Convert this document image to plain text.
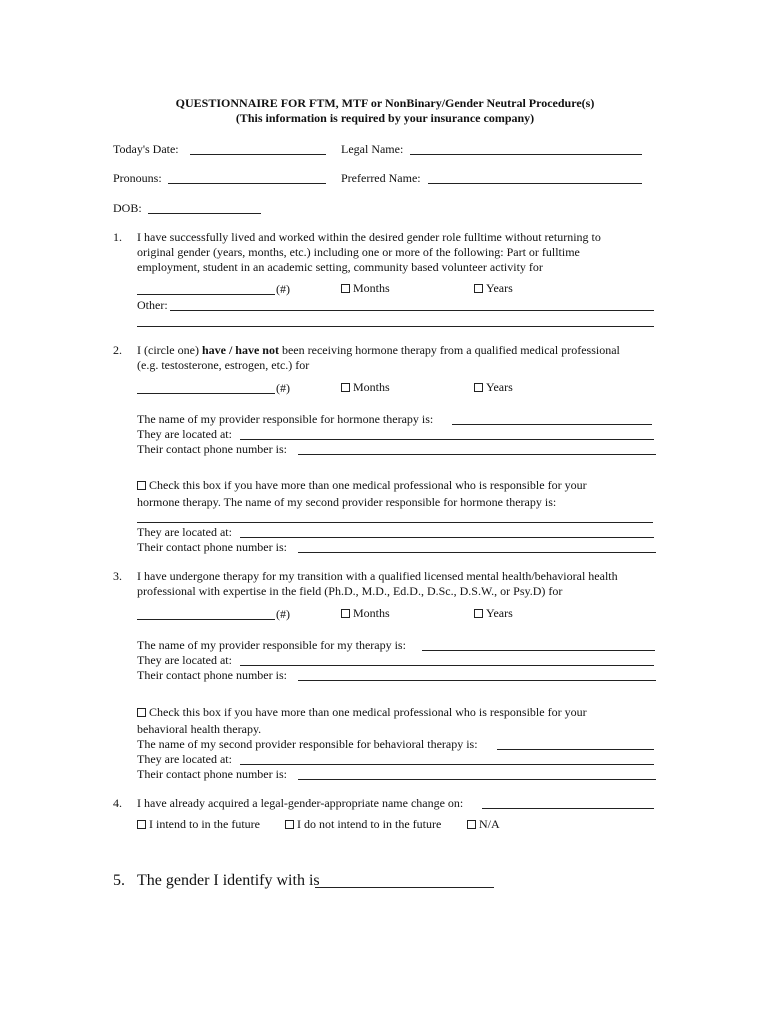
QUESTIONNAIRE FOR FTM, MTF or NonBinary/Gender Neutral Procedure(s)
(This information is required by your insurance company)
Today's Date:	Legal Name:
Pronouns:	Preferred Name:
DOB:
1. I have successfully lived and worked within the desired gender role fulltime without returning to
original gender (years, months, etc.) including one or more of the following: Part or fulltime
employment, student in an academic setting, community based volunteer activity for
(#)	Months	Years
Other:
2. I (circle one) have / have not been receiving hormone therapy from a qualified medical professional
(e.g. testosterone, estrogen, etc.) for
(#)	Months	Years
The name of my provider responsible for hormone therapy is:
They are located at:
Their contact phone number is:
Check this box if you have more than one medical professional who is responsible for your
hormone therapy. The name of my second provider responsible for hormone therapy is:
They are located at:
Their contact phone number is:
3. I have undergone therapy for my transition with a qualified licensed mental health/behavioral health
professional with expertise in the field (Ph.D., M.D., Ed.D., D.Sc., D.S.W., or Psy.D) for
(#)	Months	Years
The name of my provider responsible for my therapy is:
They are located at:
Their contact phone number is:
Check this box if you have more than one medical professional who is responsible for your
behavioral health therapy.
The name of my second provider responsible for behavioral therapy is:
They are located at:
Their contact phone number is:
4. I have already acquired a legal-gender-appropriate name change on:
I intend to in the future	I do not intend to in the future	N/A
5. The gender I identify with is
